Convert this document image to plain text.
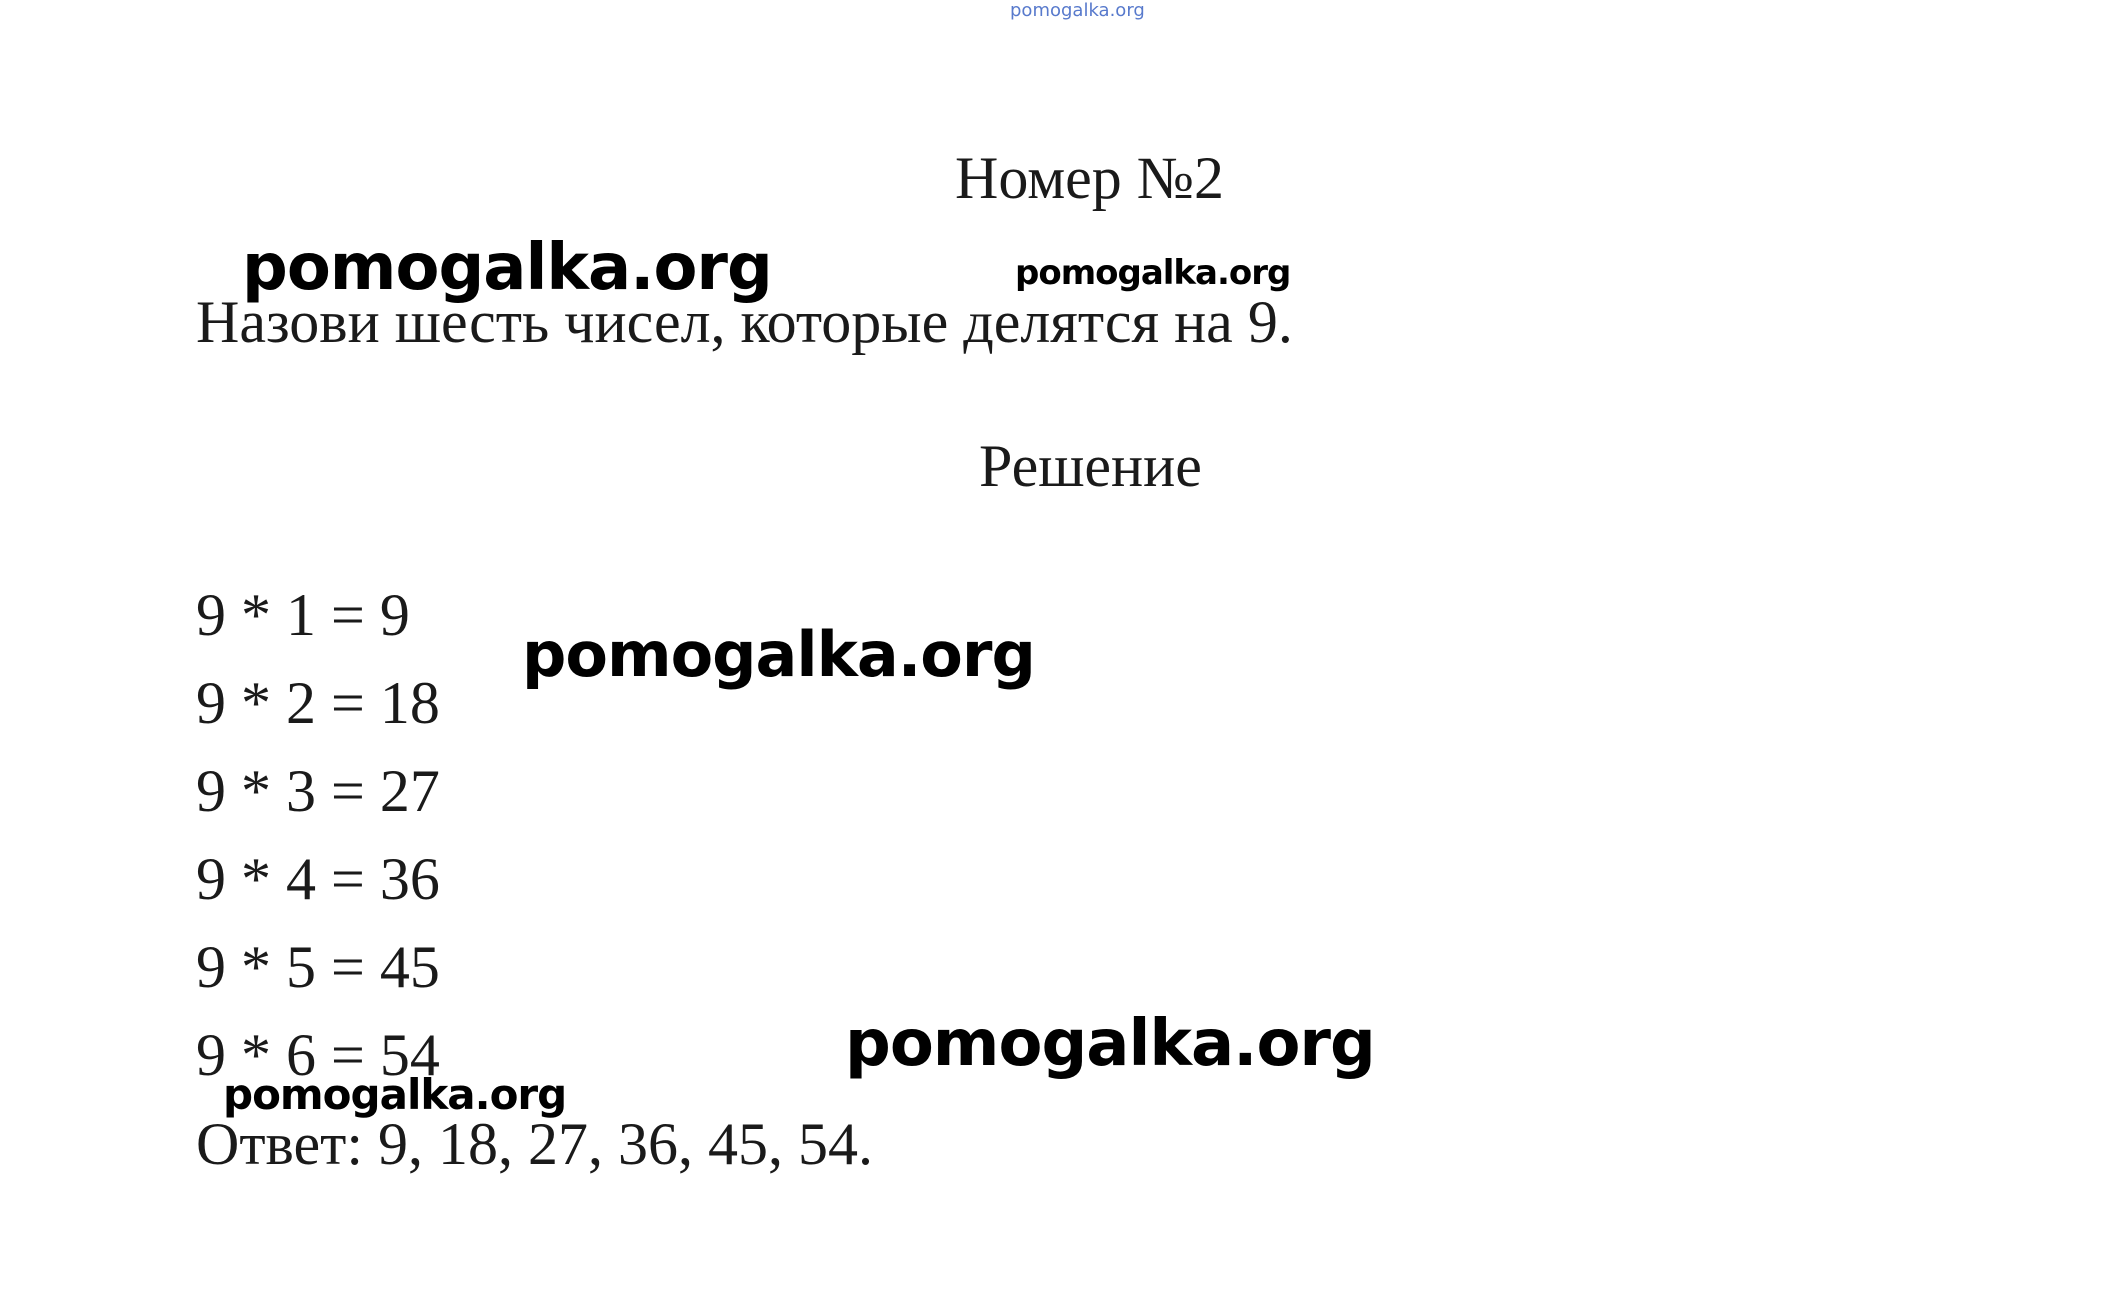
pomogalka.org
Номер №2
Назови шесть чисел, которые делятся на 9.
Решение
9 * 1 = 9
9 * 2 = 18
9 * 3 = 27
9 * 4 = 36
9 * 5 = 45
9 * 6 = 54
Ответ: 9, 18, 27, 36, 45, 54.
pomogalka.org	pomogalka.org
pomogalka.org
pomogalka.org
pomogalka.org
